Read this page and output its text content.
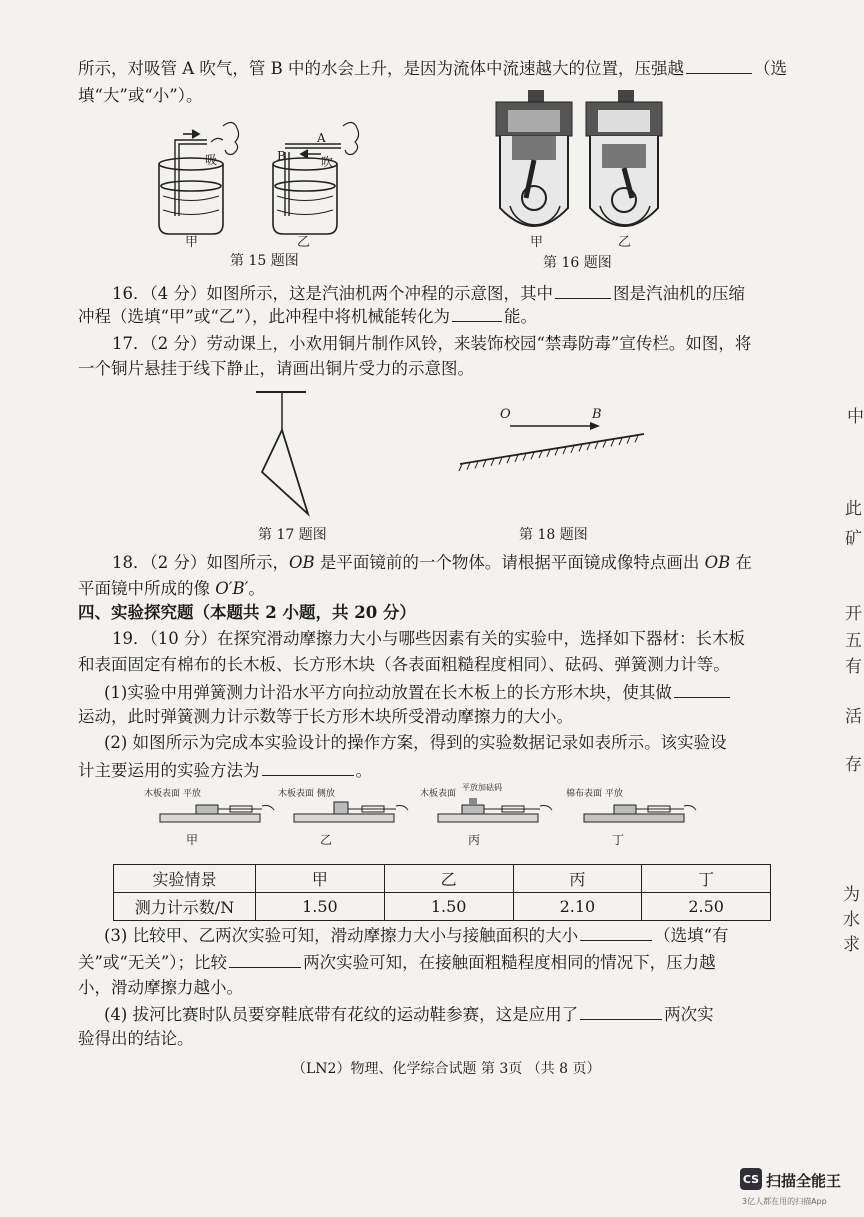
所示，对吸管 A 吹气，管 B 中的水会上升，是因为流体中流速越大的位置，压强越	（选
填“大”或“小”）。
吸
甲
A
B	吹
乙
第 15 题图
甲	乙
第 16 题图
16．（4 分）如图所示，这是汽油机两个冲程的示意图，其中	图是汽油机的压缩
冲程（选填“甲”或“乙”），此冲程中将机械能转化为	能。
17．（2 分）劳动课上，小欢用铜片制作风铃，来装饰校园“禁毒防毒”宣传栏。如图，将
一个铜片悬挂于线下静止，请画出铜片受力的示意图。
第 17 题图
O	B
第 18 题图
18．（2 分）如图所示，OB 是平面镜前的一个物体。请根据平面镜成像特点画出 OB 在
平面镜中所成的像 O′B′。
四、实验探究题（本题共 2 小题，共 20 分）
19．（10 分）在探究滑动摩擦力大小与哪些因素有关的实验中，选择如下器材：长木板
和表面固定有棉布的长木板、长方形木块（各表面粗糙程度相同）、砝码、弹簧测力计等。
(1)实验中用弹簧测力计沿水平方向拉动放置在长木板上的长方形木块，使其做
运动，此时弹簧测力计示数等于长方形木块所受滑动摩擦力的大小。
(2) 如图所示为完成本实验设计的操作方案，得到的实验数据记录如表所示。该实验设
计主要运用的实验方法为	。
木板表面 平放
甲
木板表面 侧放
乙
木板表面
平放加砝码
丙
棉布表面 平放
丁
实验情景	甲	乙	丙	丁
测力计示数/N	1.50	1.50	2.10	2.50
(3) 比较甲、乙两次实验可知，滑动摩擦力大小与接触面积的大小	（选填“有
关”或“无关”）；比较	两次实验可知，在接触面粗糙程度相同的情况下，压力越
小，滑动摩擦力越小。
(4) 拔河比赛时队员要穿鞋底带有花纹的运动鞋参赛，这是应用了	两次实
验得出的结论。
（LN2）物理、化学综合试题 第 3页 （共 8 页）
中
此
矿
开
五
有
活
存
为
水
求
CS 扫描全能王
3亿人都在用的扫描App
